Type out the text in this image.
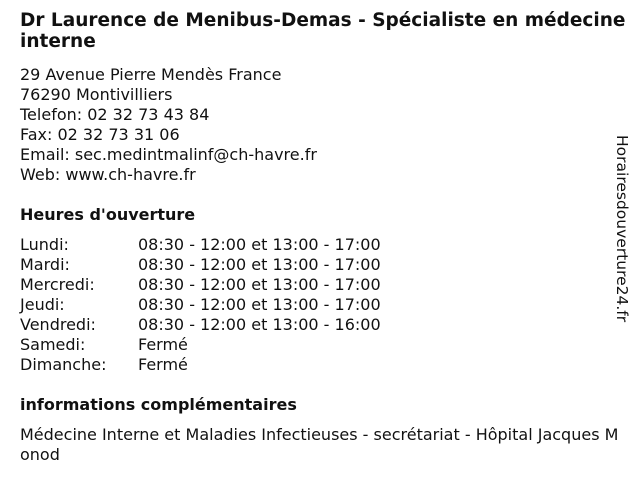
Dr Laurence de Menibus-Demas - Spécialiste en médecine interne
29 Avenue Pierre Mendès France
76290 Montivilliers
Telefon: 02 32 73 43 84
Fax: 02 32 73 31 06
Email: sec.medintmalinf@ch-havre.fr
Web: www.ch-havre.fr
Heures d'ouverture
Lundi:	08:30 - 12:00 et 13:00 - 17:00
Mardi:	08:30 - 12:00 et 13:00 - 17:00
Mercredi:	08:30 - 12:00 et 13:00 - 17:00
Jeudi:	08:30 - 12:00 et 13:00 - 17:00
Vendredi:	08:30 - 12:00 et 13:00 - 16:00
Samedi:	Fermé
Dimanche: Fermé
informations complémentaires
Médecine Interne et Maladies Infectieuses - secrétariat - Hôpital Jacques Monod
Horairesdouverture24.fr
